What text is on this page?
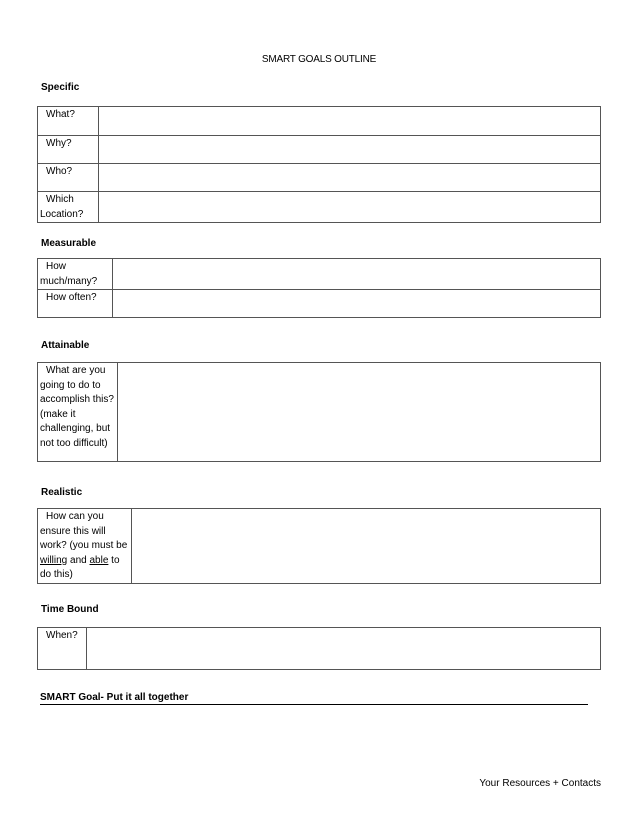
SMART GOALS OUTLINE
Specific
What?	
Why?	
Who?	
Which
Location?	
Measurable
How
much/many?	
How often?	
Attainable
What are you going to do to accomplish this? (make it challenging, but not too difficult)	
Realistic
How can you ensure this will work? (you must be willing and able to do this)	
Time Bound
When?	
SMART Goal- Put it all together
Your Resources + Contacts
